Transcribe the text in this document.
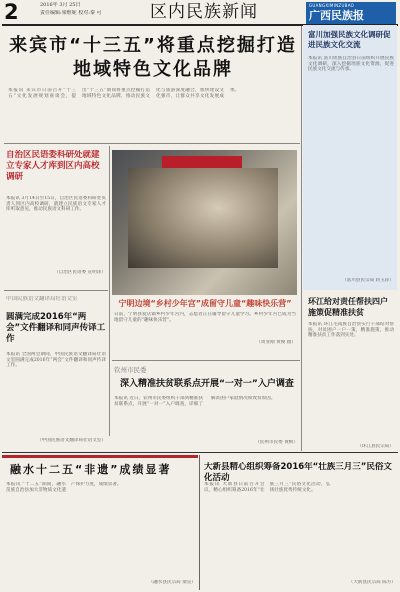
2	2016年 3月 25日
责任编辑:梁维妮 校对:秦 可	区内民族新闻	GUANGXIMINZUBAO
广西民族报
来宾市“十三五”将重点挖掘打造地域特色文化品牌
本报讯 来宾市日前召开“十三五”文化发展规划座谈会，提出“十三五”期间将重点挖掘打造地域特色文化品牌，推动民族文化与旅游深度融合，加快建设文化强市，让群众共享文化发展成果。
自治区民语委科研处就建立专家人才库到区内高校调研
本报讯 3月14日至15日，自治区民语委科研处负责人到区内高校调研，就建立民族语文专家人才库听取意见，推动民族语文科研工作。
（自治区民语委 宣明泽）
宁明边境“乡村少年宫”成留守儿童“趣味快乐营”
日前，宁明县爱店镇乡村少年宫内，志愿者正在辅导留守儿童学习。乡村少年宫已成为当地留守儿童的“趣味快乐营”。
（周业刚 黄俊 摄）
中国民族语文翻译局壮语文室
圆满完成2016年“两会”文件翻译和同声传译工作
本报讯 全国两会期间，中国民族语文翻译局壮语文室圆满完成2016年“两会”文件翻译和同声传译工作。
（中国民族语文翻译局壮语文室）
钦州市民委
深入精准扶贫联系点开展“一对一”入户调查
本报讯 近日，钦州市民委组织干部到精准扶贫联系点，开展“一对一”入户调查，详细了解贫困户家庭情况和致贫原因。
（钦州市民委 黄桢）
富川加强民族文化调研促进民族文化交流
本报讯 富川瑶族自治县日前组织开展民族文化调研，深入挖掘瑶族文化资源，促进民族文化交流与传承。
（富川县民宗局 蒋玉萍）
环江给对责任帮扶四户施策促精准扶贫
本报讯 环江毛南族自治县实行干部结对帮扶，对贫困户一户一策，精准施策，推动精准扶贫工作落到实处。
（环江县民宗局）
融水十二五“非遗”成绩显著
本报讯 “十二五”期间，融水苗族自治县加大非物质文化遗产保护力度，成绩显著。
（融水县民宗局 梁宣）
大新县精心组织筹备2016年“壮族三月三”民俗文化活动
本报讯 大新县日前召开会议，精心组织筹备2016年“壮族三月三”民俗文化活动，弘扬壮族优秀传统文化。
（大新县民宗局 陈方）
